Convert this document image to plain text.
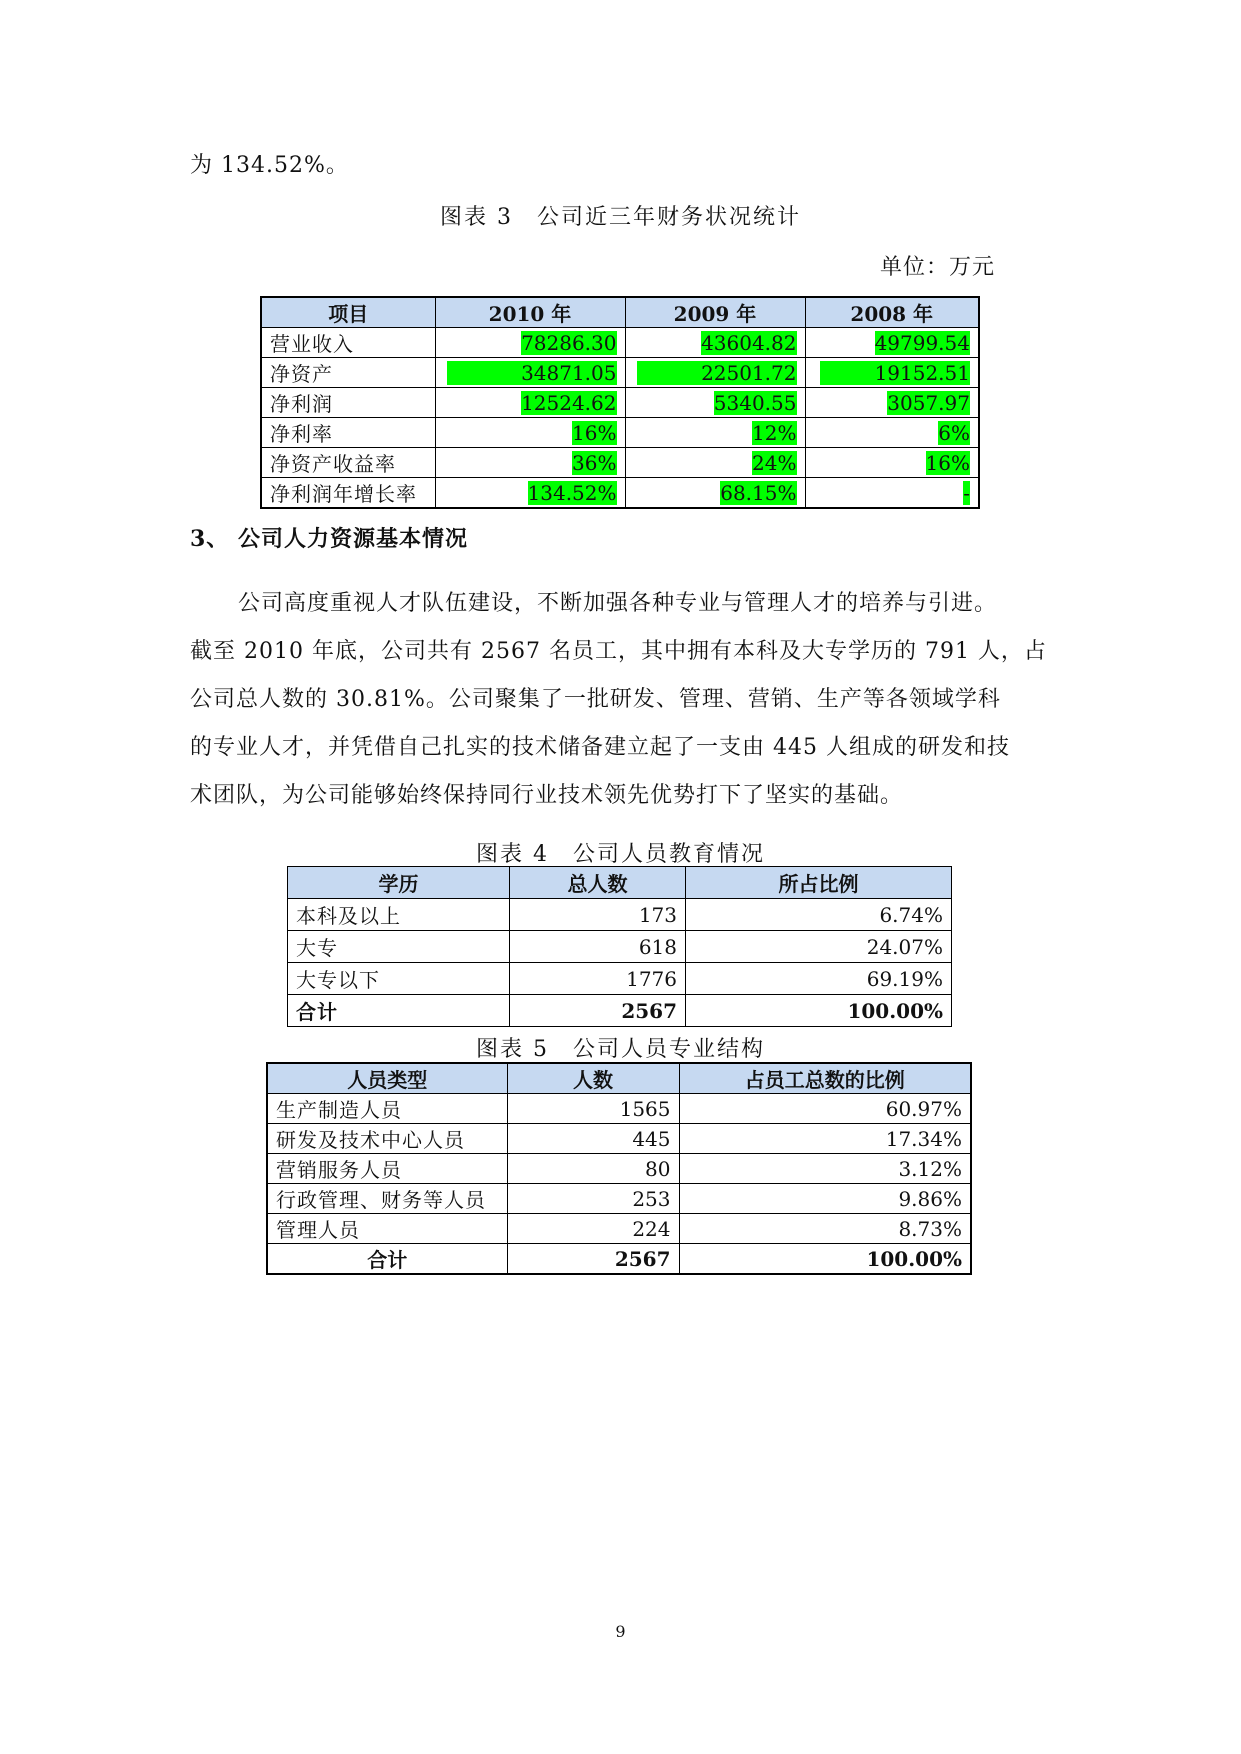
为 134.52%。
图表 3　公司近三年财务状况统计
单位：万元
项目	2010 年	2009 年	2008 年
营业收入	78286.30	43604.82	49799.54
净资产	34871.05	22501.72	19152.51
净利润	12524.62	5340.55	3057.97
净利率	16%	12%	6%
净资产收益率	36%	24%	16%
净利润年增长率	134.52%	68.15%	-
3、 公司人力资源基本情况
公司高度重视人才队伍建设，不断加强各种专业与管理人才的培养与引进。
截至 2010 年底，公司共有 2567 名员工，其中拥有本科及大专学历的 791 人，占
公司总人数的 30.81%。公司聚集了一批研发、管理、营销、生产等各领域学科
的专业人才，并凭借自己扎实的技术储备建立起了一支由 445 人组成的研发和技
术团队，为公司能够始终保持同行业技术领先优势打下了坚实的基础。
图表 4　公司人员教育情况
学历	总人数	所占比例
本科及以上	173	6.74%
大专	618	24.07%
大专以下	1776	69.19%
合计	2567	100.00%
图表 5　公司人员专业结构
人员类型	人数	占员工总数的比例
生产制造人员	1565	60.97%
研发及技术中心人员	445	17.34%
营销服务人员	80	3.12%
行政管理、财务等人员	253	9.86%
管理人员	224	8.73%
合计	2567	100.00%
9
